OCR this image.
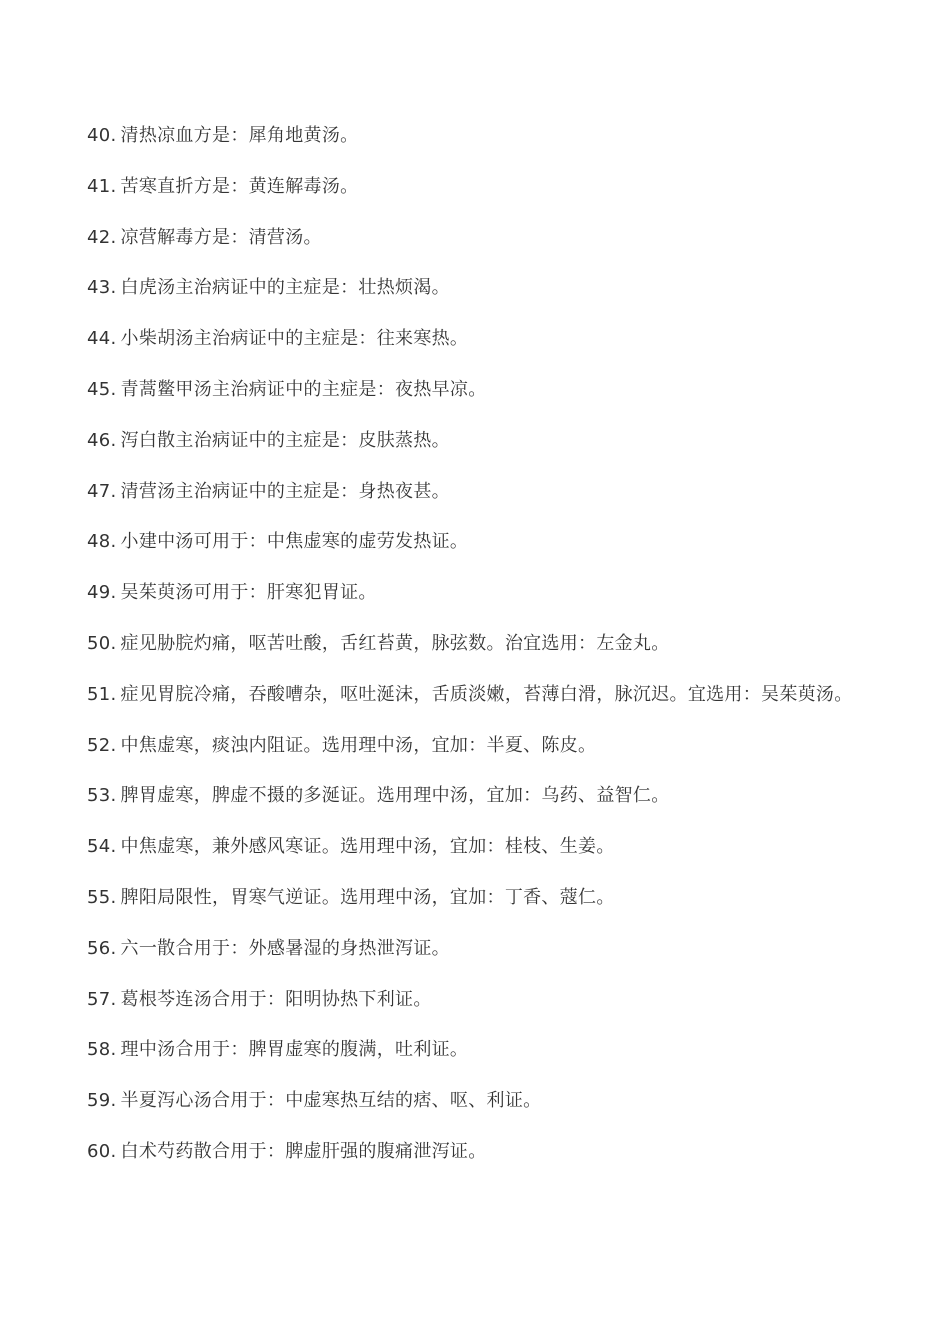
40. 清热凉血方是：犀角地黄汤。
41. 苦寒直折方是：黄连解毒汤。
42. 凉营解毒方是：清营汤。
43. 白虎汤主治病证中的主症是：壮热烦渴。
44. 小柴胡汤主治病证中的主症是：往来寒热。
45. 青蒿鳖甲汤主治病证中的主症是：夜热早凉。
46. 泻白散主治病证中的主症是：皮肤蒸热。
47. 清营汤主治病证中的主症是：身热夜甚。
48. 小建中汤可用于：中焦虚寒的虚劳发热证。
49. 吴茱萸汤可用于：肝寒犯胃证。
50. 症见胁脘灼痛，呕苦吐酸，舌红苔黄，脉弦数。治宜选用：左金丸。
51. 症见胃脘冷痛，吞酸嘈杂，呕吐涎沫，舌质淡嫩，苔薄白滑，脉沉迟。宜选用：吴茱萸汤。
52. 中焦虚寒，痰浊内阻证。选用理中汤，宜加：半夏、陈皮。
53. 脾胃虚寒，脾虚不摄的多涎证。选用理中汤，宜加：乌药、益智仁。
54. 中焦虚寒，兼外感风寒证。选用理中汤，宜加：桂枝、生姜。
55. 脾阳局限性，胃寒气逆证。选用理中汤，宜加：丁香、蔻仁。
56. 六一散合用于：外感暑湿的身热泄泻证。
57. 葛根芩连汤合用于：阳明协热下利证。
58. 理中汤合用于：脾胃虚寒的腹满，吐利证。
59. 半夏泻心汤合用于：中虚寒热互结的痞、呕、利证。
60. 白术芍药散合用于：脾虚肝强的腹痛泄泻证。
